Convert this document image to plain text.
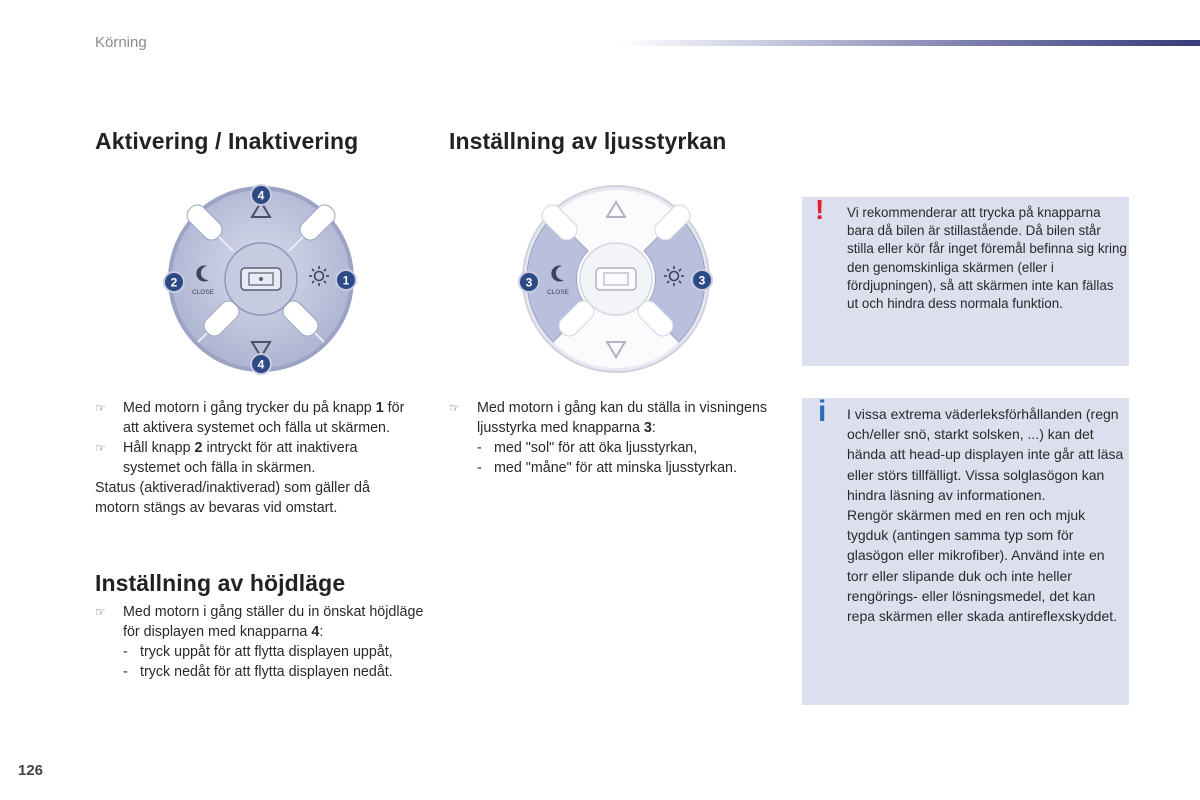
Körning
Aktivering / Inaktivering
CLOSE
4
4
2	1

☞ Med motorn i gång trycker du på knapp 1 för att aktivera systemet och fälla ut skärmen.

☞ Håll knapp 2 intryckt för att inaktivera systemet och fälla in skärmen.

Status (aktiverad/inaktiverad) som gäller då motorn stängs av bevaras vid omstart.

Inställning av höjdläge

☞ Med motorn i gång ställer du in önskat höjdläge för displayen med knapparna 4:

- tryck uppåt för att flytta displayen uppåt,

- tryck nedåt för att flytta displayen nedåt.

Inställning av ljusstyrkan
CLOSE
3	3

☞ Med motorn i gång kan du ställa in visningens ljusstyrka med knapparna 3:

- med "sol" för att öka ljusstyrkan,

- med "måne" för att minska ljusstyrkan.

! Vi rekommenderar att trycka på knapparna bara då bilen är stillastående. Då bilen står stilla eller kör får inget föremål befinna sig kring den genomskinliga skärmen (eller i fördjupningen), så att skärmen inte kan fällas ut och hindra dess normala funktion.
i I vissa extrema väderleksförhållanden (regn och/eller snö, starkt solsken, ...) kan det hända att head-up displayen inte går att läsa eller störs tillfälligt. Vissa solglasögon kan hindra läsning av informationen.

Rengör skärmen med en ren och mjuk tygduk (antingen samma typ som för glasögon eller mikrofiber). Använd inte en torr eller slipande duk och inte heller rengörings- eller lösningsmedel, det kan repa skärmen eller skada antireflexskyddet.

126
